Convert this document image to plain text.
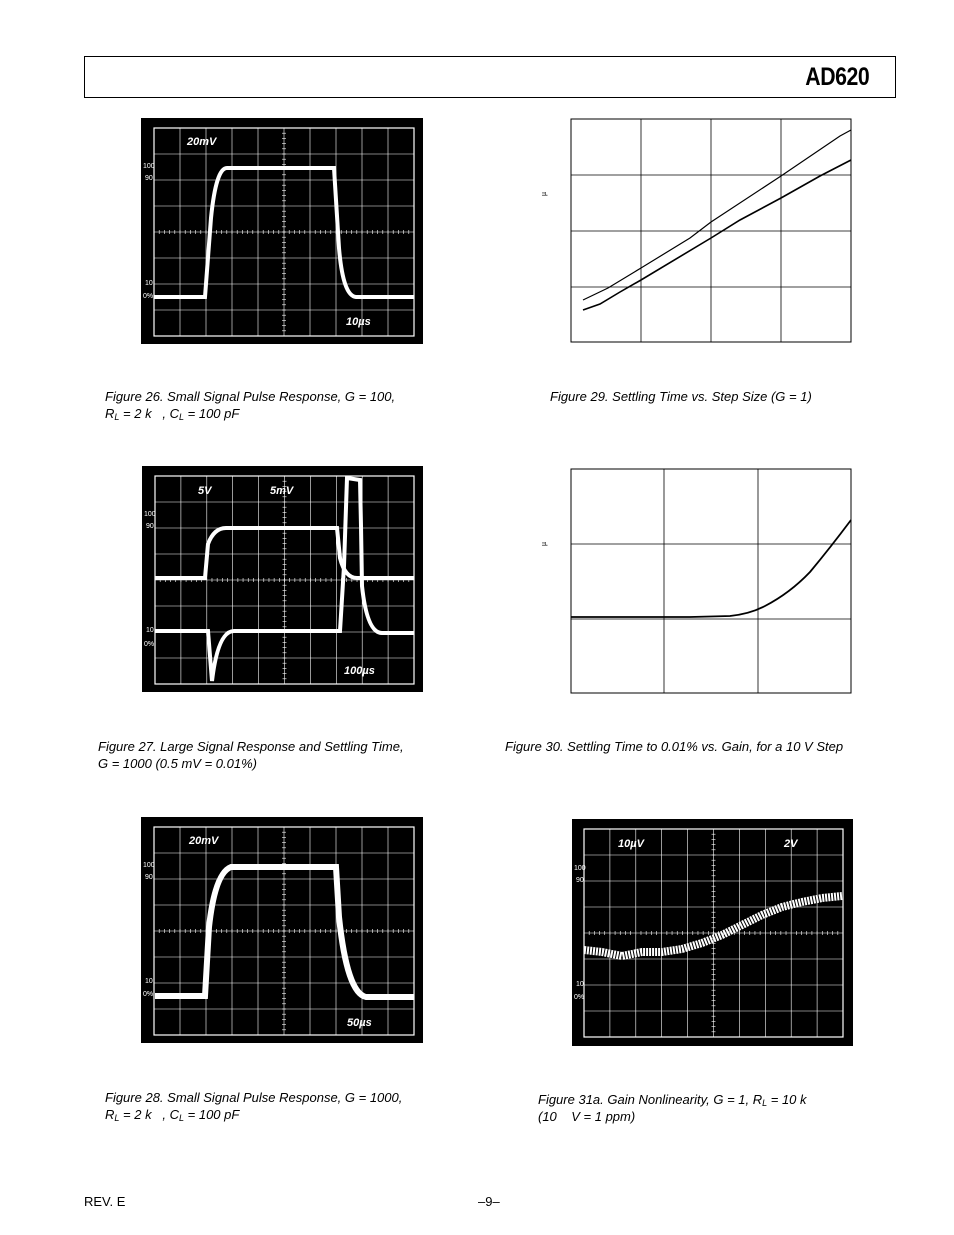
AD620
20mV
10µs
100
90
10
0%
µ
Figure 26. Small Signal Pulse Response, G = 100,
$R_L = 2$ k   , $C_L = 100$ pF
Figure 29. Settling Time vs. Step Size (G = 1)
5V	5mV
100µs
100
90
10
0%
µ
Figure 27. Large Signal Response and Settling Time,
G = 1000 (0.5 mV = 0.01%)
Figure 30. Settling Time to 0.01% vs. Gain, for a 10 V Step
20mV
50µs
100
90
10
0%
10µV	2V
100
90
10
0%
Figure 28. Small Signal Pulse Response, G = 1000,
$R_L = 2$ k   , $C_L = 100$ pF
Figure 31a. Gain Nonlinearity, G = 1, $R_L = 10$ k
(10    V = 1 ppm)
REV. E	–9–
